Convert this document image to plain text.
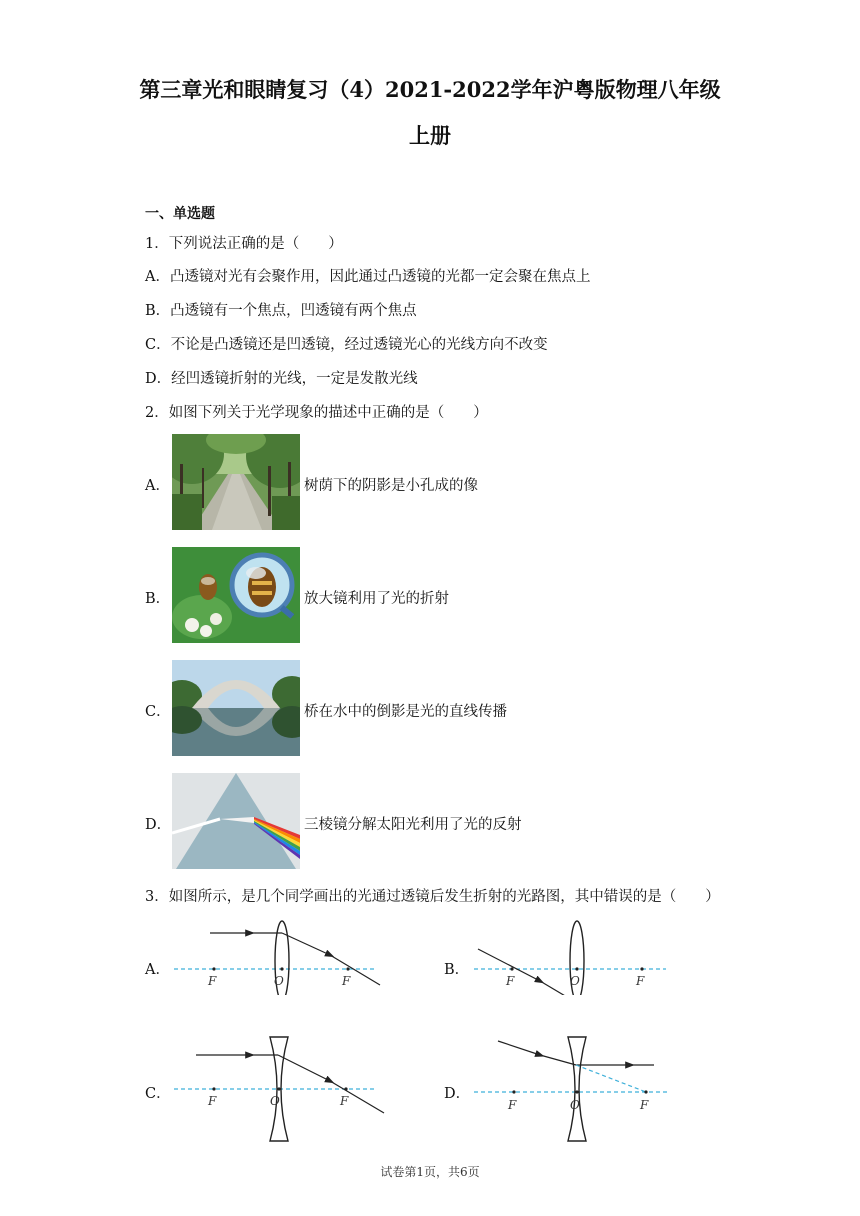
第三章光和眼睛复习（4）2021-2022学年沪粤版物理八年级
上册
一、单选题
1．下列说法正确的是（　　）
A．凸透镜对光有会聚作用，因此通过凸透镜的光都一定会聚在焦点上
B．凸透镜有一个焦点，凹透镜有两个焦点
C．不论是凸透镜还是凹透镜，经过透镜光心的光线方向不改变
D．经凹透镜折射的光线，一定是发散光线
2．如图下列关于光学现象的描述中正确的是（　　）
A．	树荫下的阴影是小孔成的像
B．	放大镜利用了光的折射
C．	桥在水中的倒影是光的直线传播
D．	三棱镜分解太阳光利用了光的反射
3．如图所示，是几个同学画出的光通过透镜后发生折射的光路图，其中错误的是（　　）
A．
F	O	F
B．
F	O	F
C．	F	O	F	D．
F	O	F
试卷第1页，共6页
